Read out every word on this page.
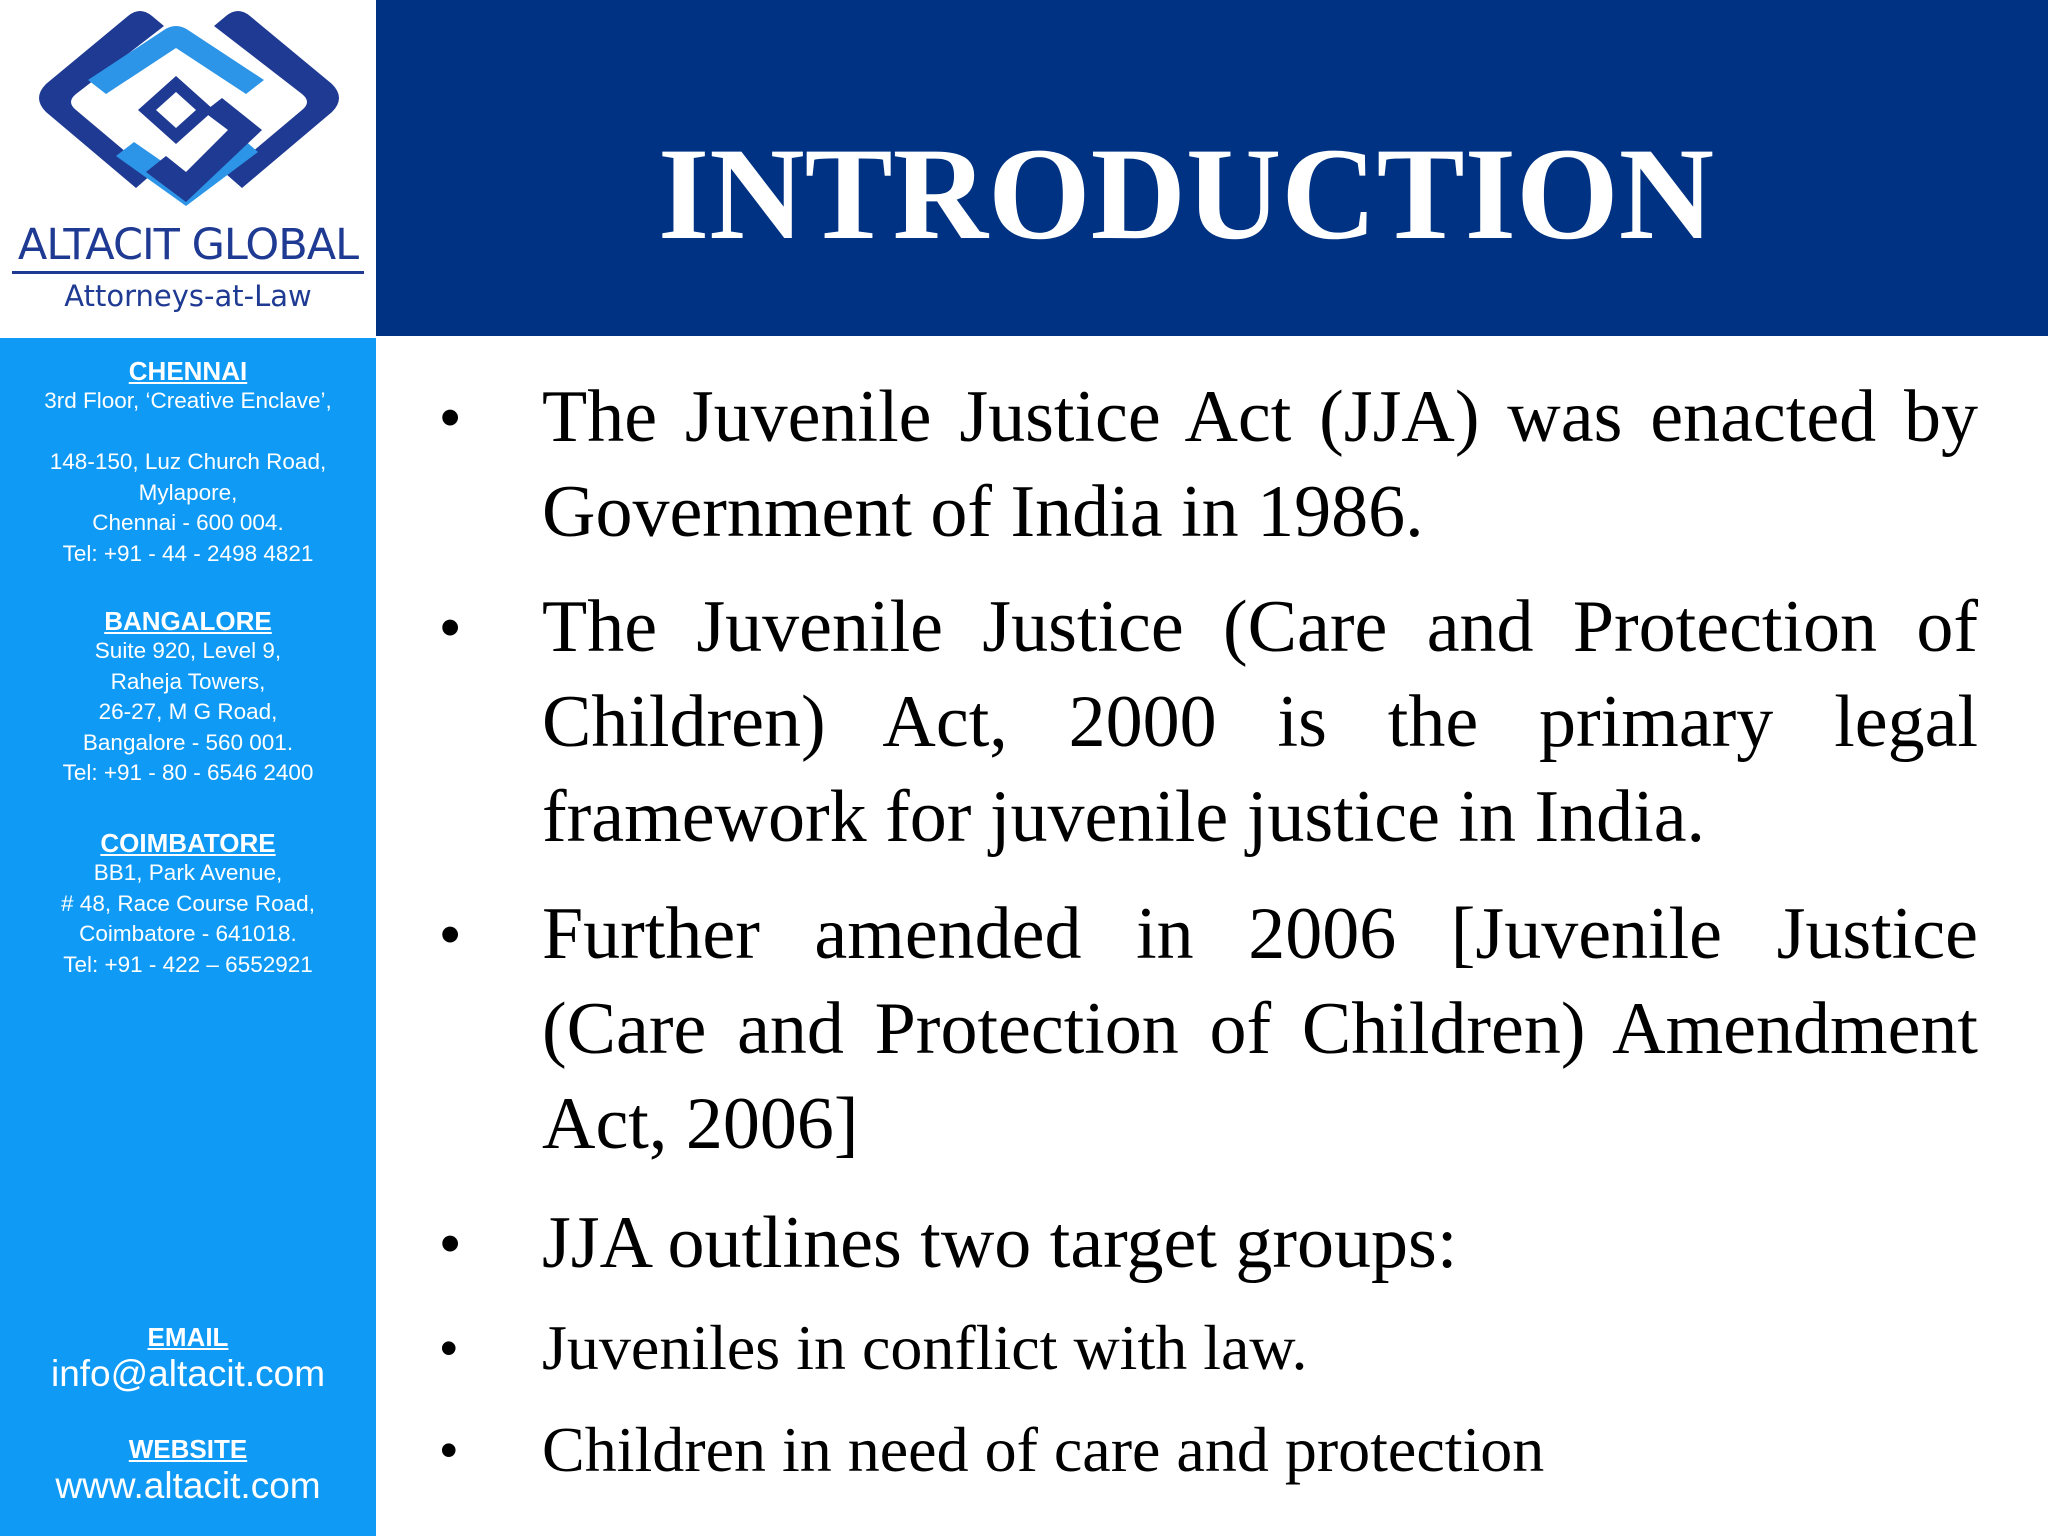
ALTACIT GLOBAL
Attorneys-at-Law
INTRODUCTION
CHENNAI
3rd Floor, ‘Creative Enclave’,

148-150, Luz Church Road,
Mylapore,
Chennai - 600 004.
Tel: +91 - 44 - 2498 4821
BANGALORE
Suite 920, Level 9,
Raheja Towers,
26-27, M G Road,
Bangalore - 560 001.
Tel: +91 - 80 - 6546 2400
COIMBATORE
BB1, Park Avenue,
# 48, Race Course Road,
Coimbatore - 641018.
Tel: +91 - 422 – 6552921
EMAIL
info@altacit.com
WEBSITE
www.altacit.com
•	The Juvenile Justice Act (JJA) was enacted by Government of India in 1986.
•	The Juvenile Justice (Care and Protection of Children) Act, 2000 is the primary legal framework for juvenile justice in India.
•	Further amended in 2006 [Juvenile Justice (Care and Protection of Children) Amendment Act, 2006]
•	JJA outlines two target groups:
•	Juveniles in conflict with law.
•	Children in need of care and protection
